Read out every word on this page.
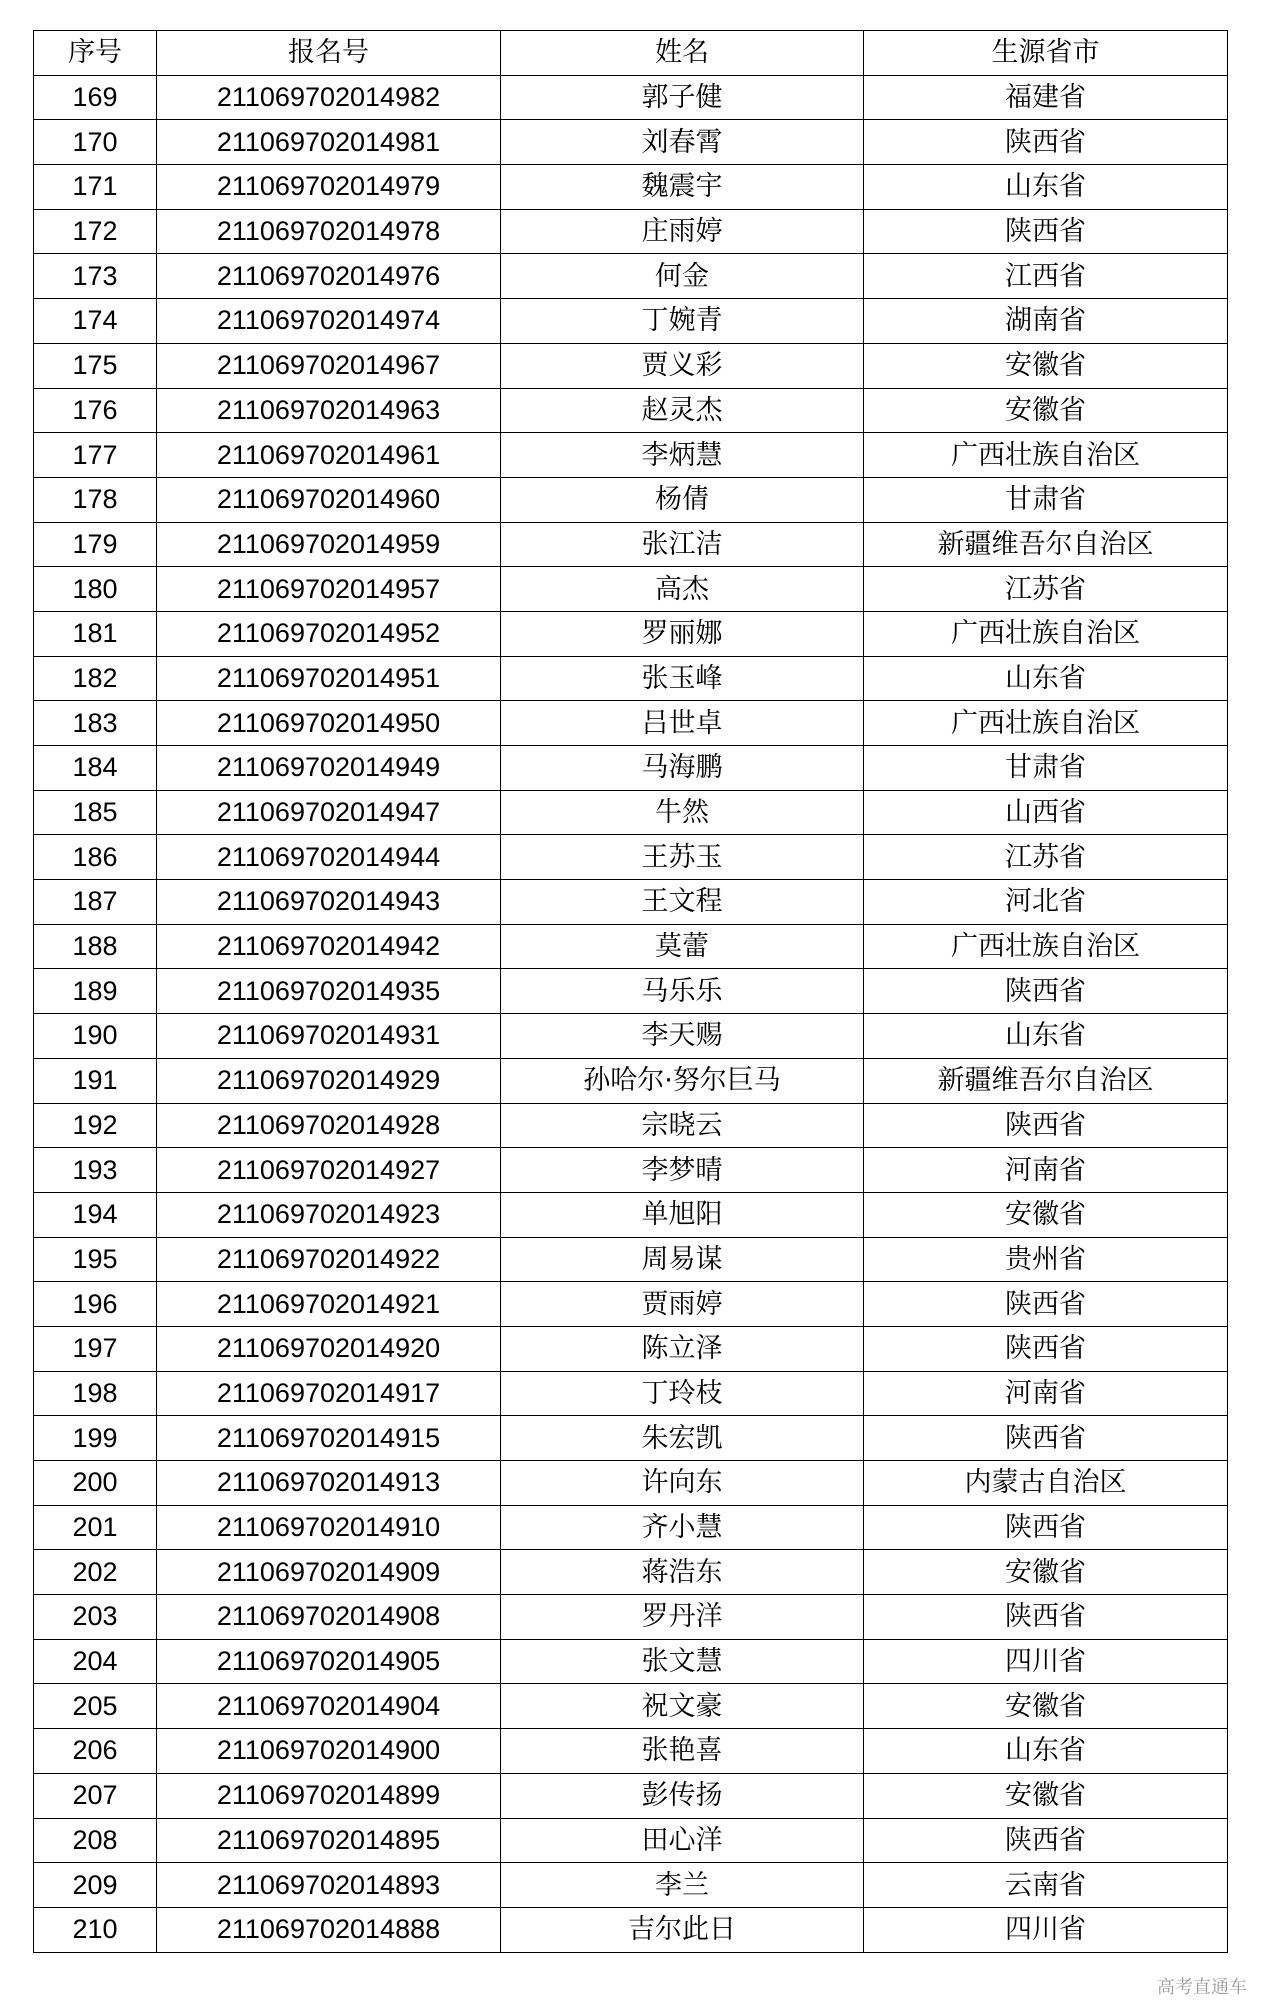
序号	报名号	姓名	生源省市
169	211069702014982	郭子健	福建省
170	211069702014981	刘春霄	陕西省
171	211069702014979	魏震宇	山东省
172	211069702014978	庄雨婷	陕西省
173	211069702014976	何金	江西省
174	211069702014974	丁婉青	湖南省
175	211069702014967	贾义彩	安徽省
176	211069702014963	赵灵杰	安徽省
177	211069702014961	李炳慧	广西壮族自治区
178	211069702014960	杨倩	甘肃省
179	211069702014959	张江洁	新疆维吾尔自治区
180	211069702014957	高杰	江苏省
181	211069702014952	罗丽娜	广西壮族自治区
182	211069702014951	张玉峰	山东省
183	211069702014950	吕世卓	广西壮族自治区
184	211069702014949	马海鹏	甘肃省
185	211069702014947	牛然	山西省
186	211069702014944	王苏玉	江苏省
187	211069702014943	王文程	河北省
188	211069702014942	莫蕾	广西壮族自治区
189	211069702014935	马乐乐	陕西省
190	211069702014931	李天赐	山东省
191	211069702014929	孙哈尔·努尔巨马	新疆维吾尔自治区
192	211069702014928	宗晓云	陕西省
193	211069702014927	李梦晴	河南省
194	211069702014923	单旭阳	安徽省
195	211069702014922	周易谋	贵州省
196	211069702014921	贾雨婷	陕西省
197	211069702014920	陈立泽	陕西省
198	211069702014917	丁玲枝	河南省
199	211069702014915	朱宏凯	陕西省
200	211069702014913	许向东	内蒙古自治区
201	211069702014910	齐小慧	陕西省
202	211069702014909	蒋浩东	安徽省
203	211069702014908	罗丹洋	陕西省
204	211069702014905	张文慧	四川省
205	211069702014904	祝文豪	安徽省
206	211069702014900	张艳喜	山东省
207	211069702014899	彭传扬	安徽省
208	211069702014895	田心洋	陕西省
209	211069702014893	李兰	云南省
210	211069702014888	吉尔此日	四川省
高考直通车
